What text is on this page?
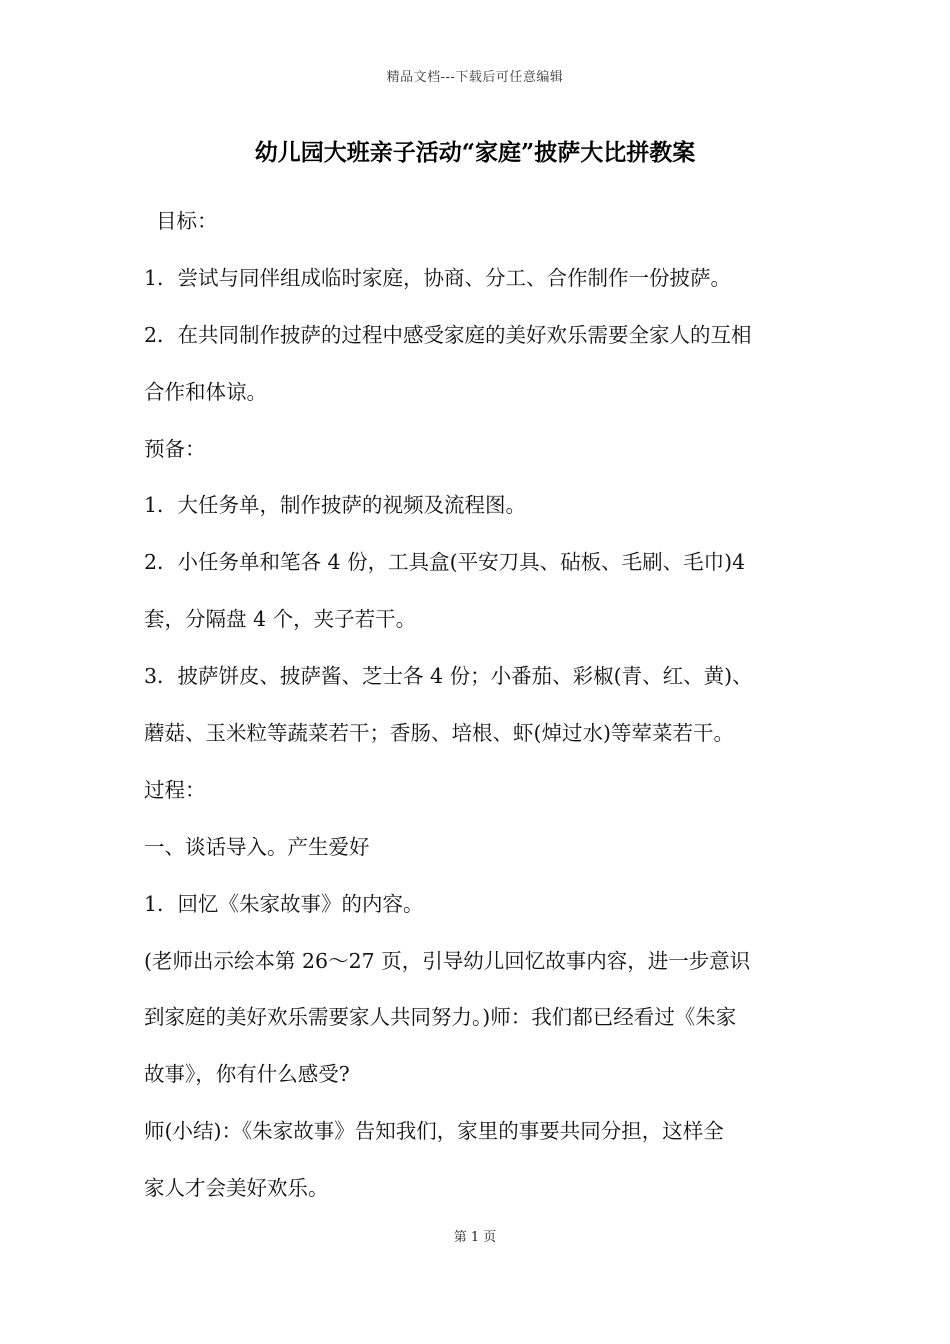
精品文档---下载后可任意编辑
幼儿园大班亲子活动“家庭”披萨大比拼教案
目标：
1．尝试与同伴组成临时家庭，协商、分工、合作制作一份披萨。
2．在共同制作披萨的过程中感受家庭的美好欢乐需要全家人的互相
合作和体谅。
预备：
1．大任务单，制作披萨的视频及流程图。
2．小任务单和笔各 4 份，工具盒(平安刀具、砧板、毛刷、毛巾)4
套，分隔盘 4 个，夹子若干。
3．披萨饼皮、披萨酱、芝士各 4 份；小番茄、彩椒(青、红、黄)、
蘑菇、玉米粒等蔬菜若干；香肠、培根、虾(焯过水)等荤菜若干。
过程：
一、谈话导入。产生爱好
1．回忆《朱家故事》的内容。
(老师出示绘本第 26～27 页，引导幼儿回忆故事内容，进一步意识
到家庭的美好欢乐需要家人共同努力。)师：我们都已经看过《朱家
故事》，你有什么感受?
师(小结)：《朱家故事》告知我们，家里的事要共同分担，这样全
家人才会美好欢乐。
第 1 页
